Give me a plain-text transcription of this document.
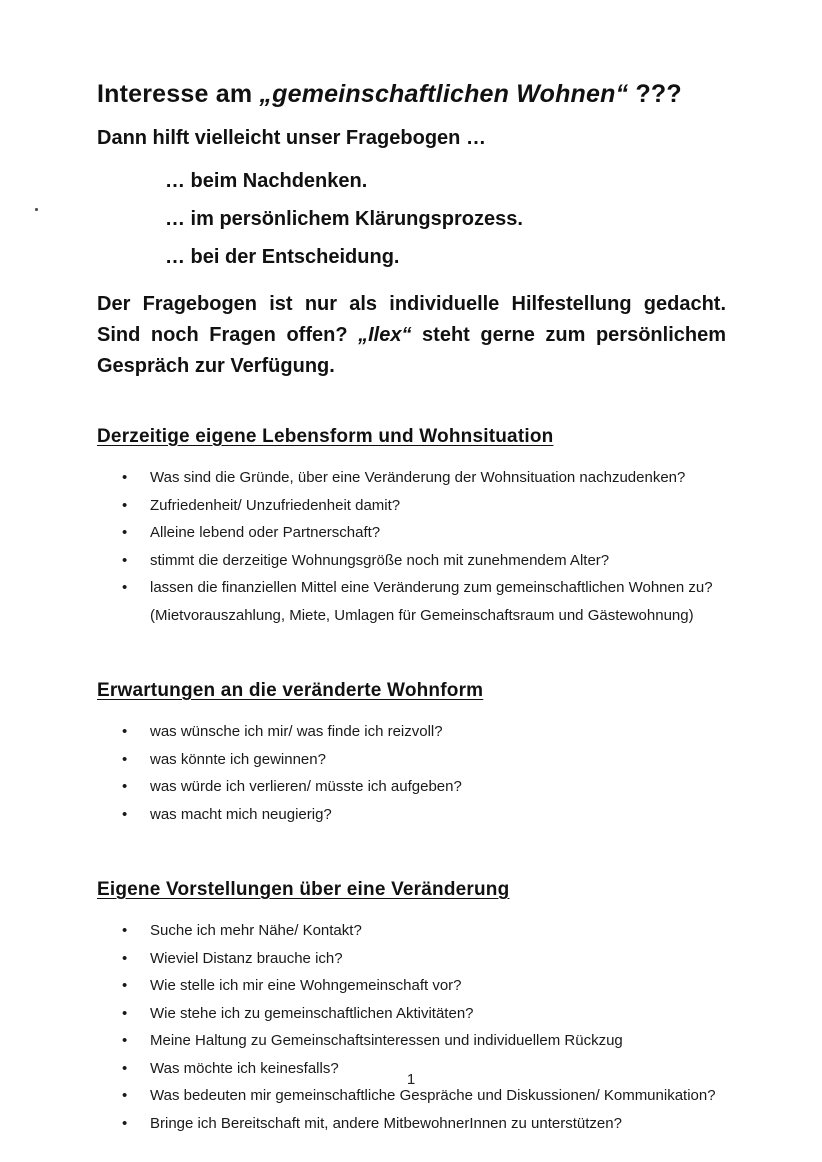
Interesse am „gemeinschaftlichen Wohnen“ ???

Dann hilft vielleicht unser Fragebogen …

… beim Nachdenken.

… im persönlichem Klärungsprozess.

… bei der Entscheidung.

Der Fragebogen ist nur als individuelle Hilfestellung gedacht. Sind noch Fragen offen? „Ilex“ steht gerne zum persönlichem Gespräch zur Verfügung.

Derzeitige eigene Lebensform und Wohnsituation
• Was sind die Gründe, über eine Veränderung der Wohnsituation nachzudenken?
• Zufriedenheit/ Unzufriedenheit damit?
• Alleine lebend oder Partnerschaft?
• stimmt die derzeitige Wohnungsgröße noch mit zunehmendem Alter?
• lassen die finanziellen Mittel eine Veränderung zum gemeinschaftlichen Wohnen zu?
(Mietvorauszahlung, Miete, Umlagen für Gemeinschaftsraum und Gästewohnung)
Erwartungen an die veränderte Wohnform
• was wünsche ich mir/ was finde ich reizvoll?
• was könnte ich gewinnen?
• was würde ich verlieren/ müsste ich aufgeben?
• was macht mich neugierig?
Eigene Vorstellungen über eine Veränderung
• Suche ich mehr Nähe/ Kontakt?
• Wieviel Distanz brauche ich?
• Wie stelle ich mir eine Wohngemeinschaft vor?
• Wie stehe ich zu gemeinschaftlichen Aktivitäten?
• Meine Haltung zu Gemeinschaftsinteressen und individuellem Rückzug
• Was möchte ich keinesfalls?
• Was bedeuten mir gemeinschaftliche Gespräche und Diskussionen/ Kommunikation?
• Bringe ich Bereitschaft mit, andere MitbewohnerInnen zu unterstützen?
1
